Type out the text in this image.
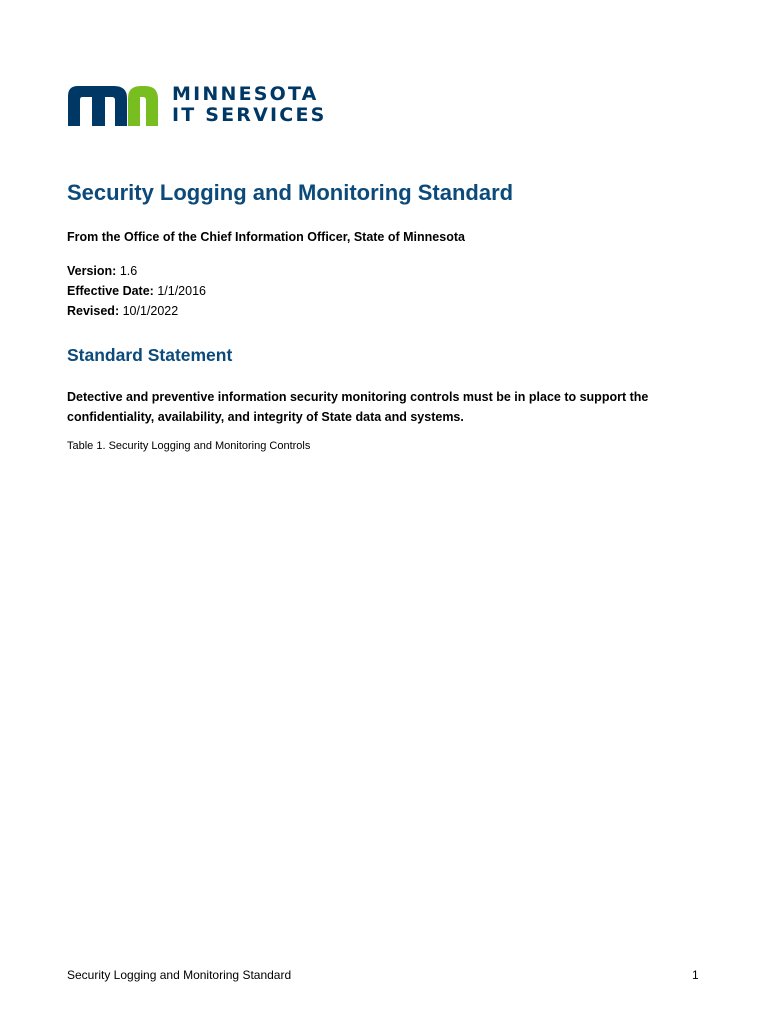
MINNESOTA
IT SERVICES
Security Logging and Monitoring Standard
From the Office of the Chief Information Officer, State of Minnesota
Version: 1.6
Effective Date: 1/1/2016
Revised: 10/1/2022
Standard Statement
Detective and preventive information security monitoring controls must be in place to support the
confidentiality, availability, and integrity of State data and systems.
Table 1. Security Logging and Monitoring Controls
Security Logging and Monitoring Standard	1
